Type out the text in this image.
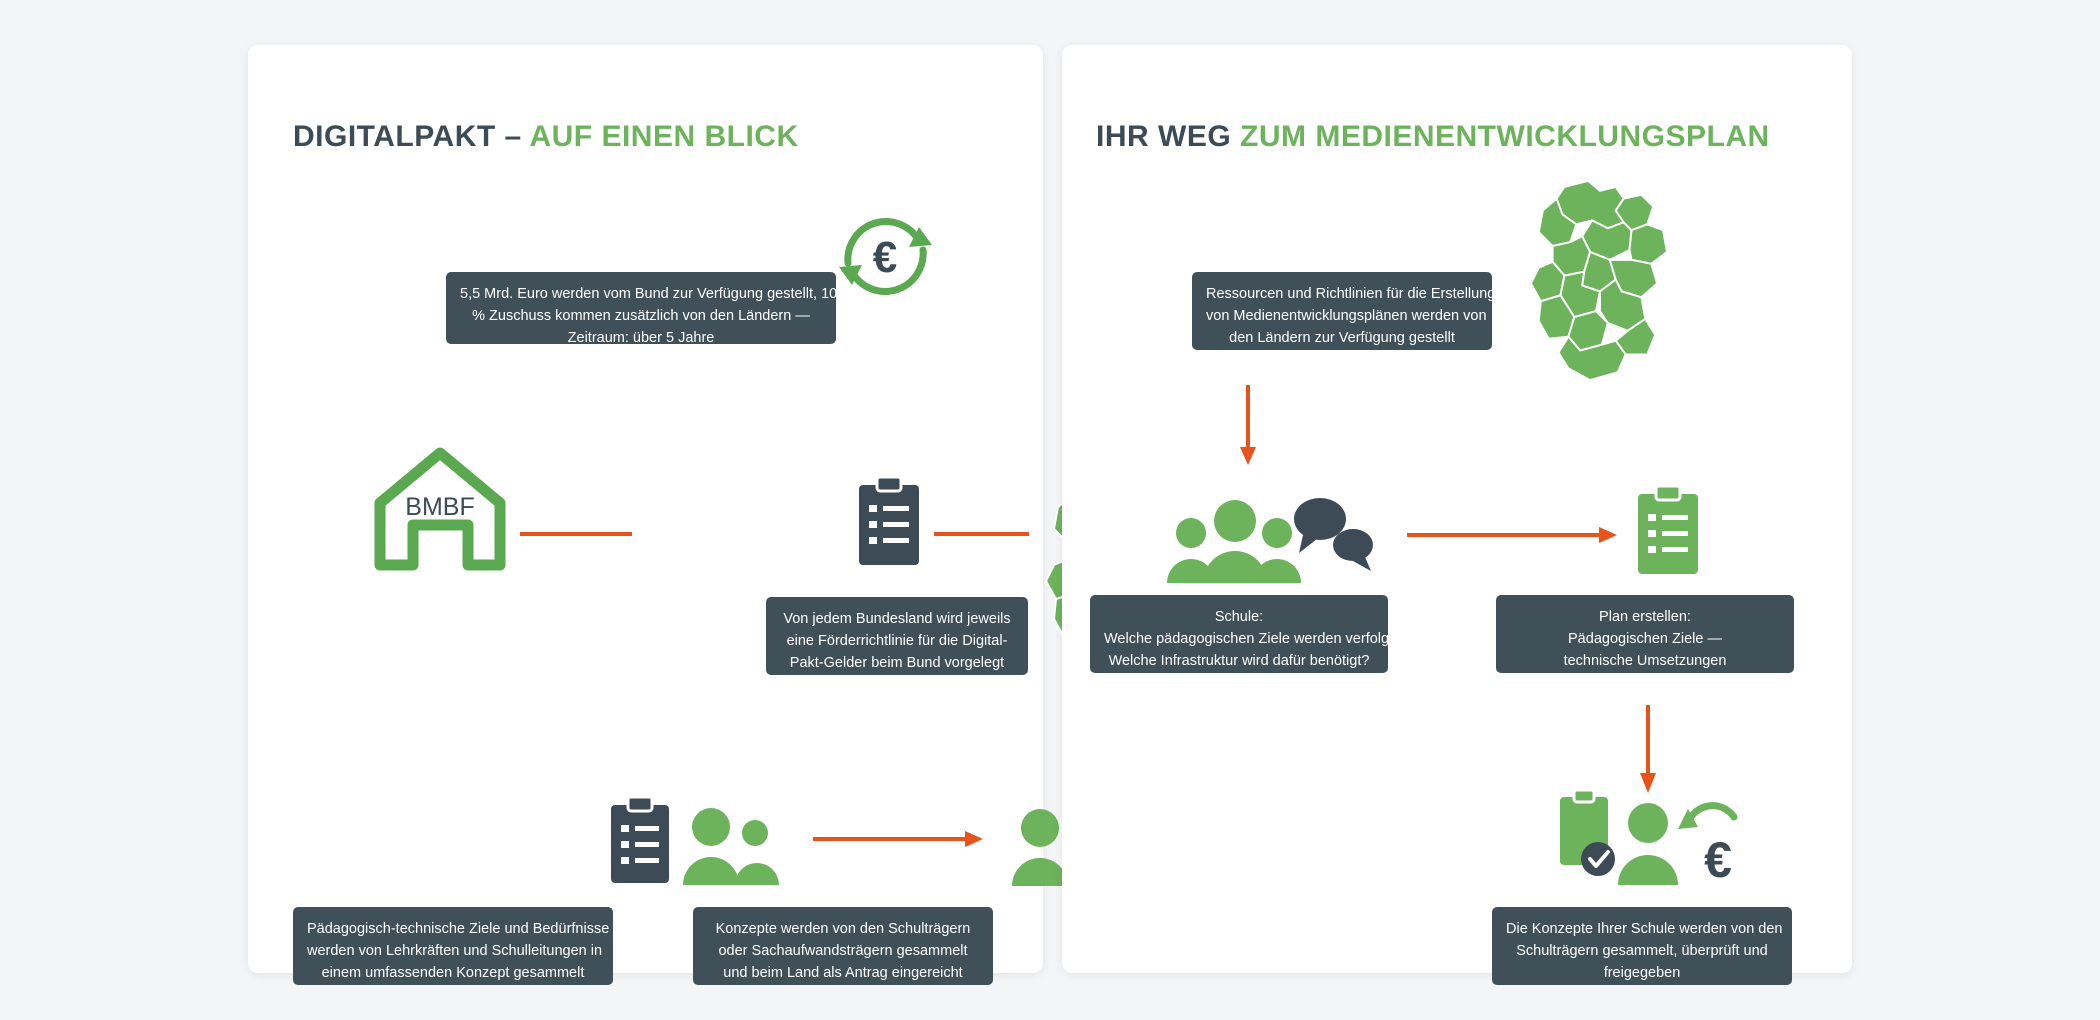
DIGITALPAKT – AUF EINEN BLICK
€
5,5 Mrd. Euro werden vom Bund zur Verfügung gestellt, 10
% Zuschuss kommen zusätzlich von den Ländern —
Zeitraum: über 5 Jahre
BMBF
Von jedem Bundesland wird jeweils
eine Förderrichtlinie für die Digital-
Pakt-Gelder beim Bund vorgelegt
Pädagogisch-technische Ziele und Bedürfnisse
werden von Lehrkräften und Schulleitungen in
einem umfassenden Konzept gesammelt
Konzepte werden von den Schulträgern
oder Sachaufwandsträgern gesammelt
und beim Land als Antrag eingereicht
IHR WEG ZUM MEDIENENTWICKLUNGSPLAN
Ressourcen und Richtlinien für die Erstellung
von Medienentwicklungsplänen werden von
den Ländern zur Verfügung gestellt
Schule:
Welche pädagogischen Ziele werden verfolgt?
Welche Infrastruktur wird dafür benötigt?
Plan erstellen:
Pädagogischen Ziele —
technische Umsetzungen
€
Die Konzepte Ihrer Schule werden von den
Schulträgern gesammelt, überprüft und
freigegeben
